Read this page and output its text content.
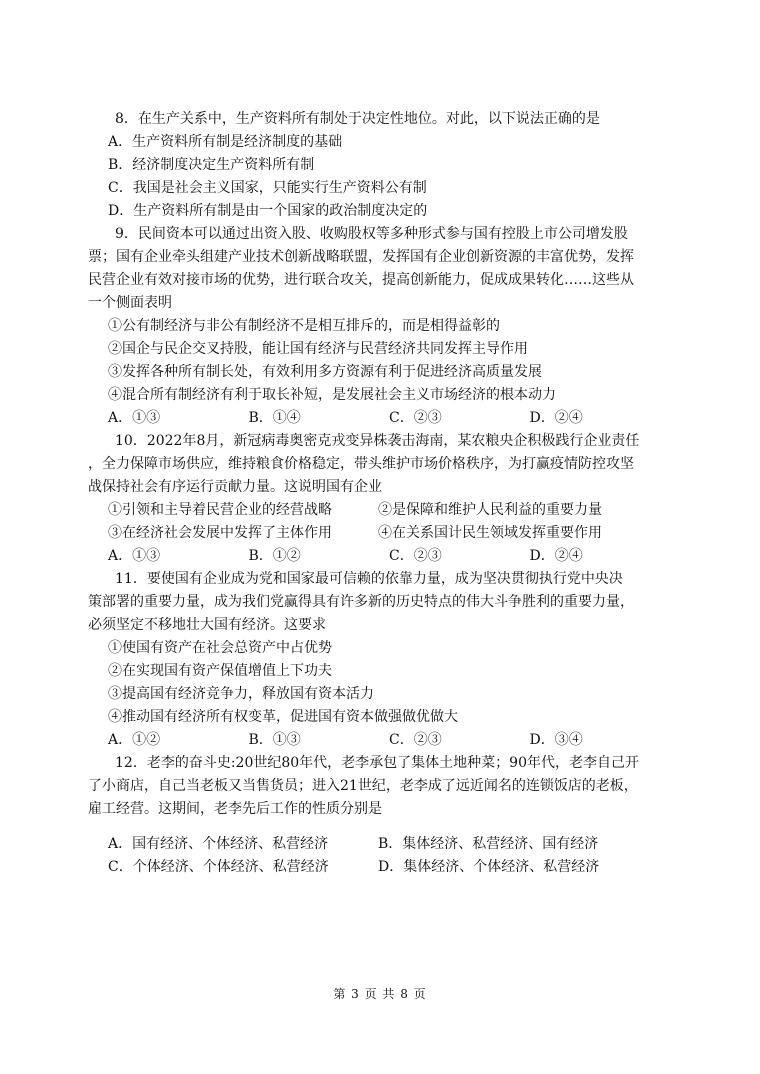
8．在生产关系中，生产资料所有制处于决定性地位。对此，以下说法正确的是
A．生产资料所有制是经济制度的基础
B．经济制度决定生产资料所有制
C．我国是社会主义国家，只能实行生产资料公有制
D．生产资料所有制是由一个国家的政治制度决定的
9．民间资本可以通过出资入股、收购股权等多种形式参与国有控股上市公司增发股
票；国有企业牵头组建产业技术创新战略联盟，发挥国有企业创新资源的丰富优势，发挥
民营企业有效对接市场的优势，进行联合攻关，提高创新能力，促成成果转化……这些从
一个侧面表明
①公有制经济与非公有制经济不是相互排斥的，而是相得益彰的
②国企与民企交叉持股，能让国有经济与民营经济共同发挥主导作用
③发挥各种所有制长处，有效利用多方资源有利于促进经济高质量发展
④混合所有制经济有利于取长补短，是发展社会主义市场经济的根本动力
A．①③	B．①④	C．②③	D．②④
10．2022年8月，新冠病毒奥密克戎变异株袭击海南，某农粮央企积极践行企业责任
，全力保障市场供应，维持粮食价格稳定，带头维护市场价格秩序，为打赢疫情防控攻坚
战保持社会有序运行贡献力量。这说明国有企业
①引领和主导着民营企业的经营战略	②是保障和维护人民利益的重要力量
③在经济社会发展中发挥了主体作用	④在关系国计民生领域发挥重要作用
A．①③	B．①②	C．②③	D．②④
11．要使国有企业成为党和国家最可信赖的依靠力量，成为坚决贯彻执行党中央决
策部署的重要力量，成为我们党赢得具有许多新的历史特点的伟大斗争胜利的重要力量，
必须坚定不移地壮大国有经济。这要求
①使国有资产在社会总资产中占优势
②在实现国有资产保值增值上下功夫
③提高国有经济竞争力，释放国有资本活力
④推动国有经济所有权变革，促进国有资本做强做优做大
A．①②	B．①③	C．②③	D．③④
12．老李的奋斗史:20世纪80年代，老李承包了集体土地种菜；90年代，老李自己开
了小商店，自己当老板又当售货员；进入21世纪，老李成了远近闻名的连锁饭店的老板，
雇工经营。这期间，老李先后工作的性质分别是
A．国有经济、个体经济、私营经济	B．集体经济、私营经济、国有经济
C．个体经济、个体经济、私营经济	D．集体经济、个体经济、私营经济
第 3 页 共 8 页
